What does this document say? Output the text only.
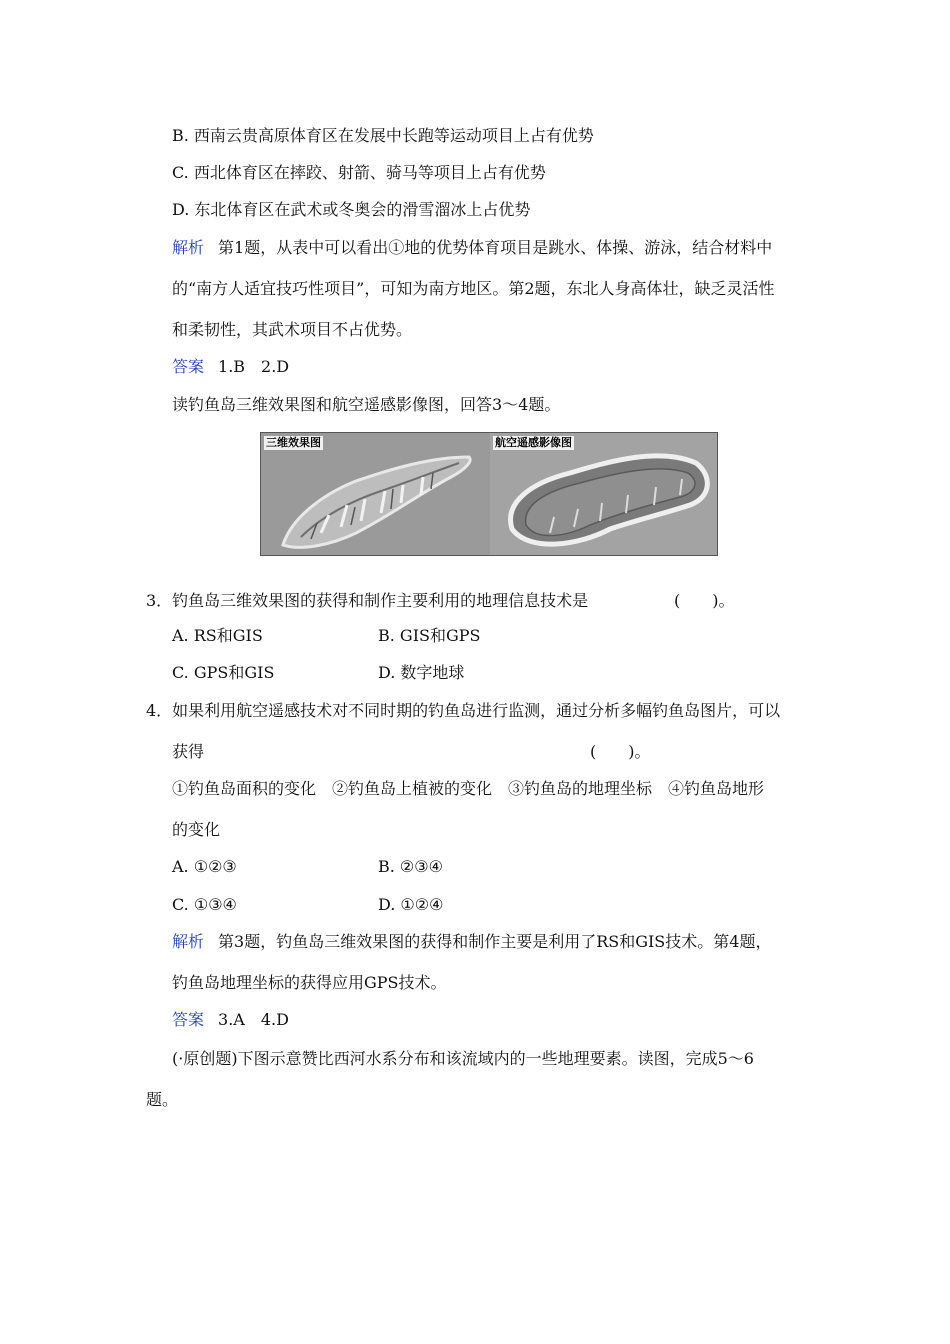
B. 西南云贵高原体育区在发展中长跑等运动项目上占有优势
C. 西北体育区在摔跤、射箭、骑马等项目上占有优势
D. 东北体育区在武术或冬奥会的滑雪溜冰上占优势
解析 第1题，从表中可以看出①地的优势体育项目是跳水、体操、游泳，结合材料中
的“南方人适宜技巧性项目”，可知为南方地区。第2题，东北人身高体壮，缺乏灵活性
和柔韧性，其武术项目不占优势。
答案 1.B　2.D
读钓鱼岛三维效果图和航空遥感影像图，回答3～4题。
三维效果图	航空遥感影像图
3．钓鱼岛三维效果图的获得和制作主要利用的地理信息技术是	(　　)。
A. RS和GIS	B. GIS和GPS
C. GPS和GIS	D. 数字地球
4．如果利用航空遥感技术对不同时期的钓鱼岛进行监测，通过分析多幅钓鱼岛图片，可以
获得	(　　)。
①钓鱼岛面积的变化　②钓鱼岛上植被的变化　③钓鱼岛的地理坐标　④钓鱼岛地形
的变化
A. ①②③	B. ②③④
C. ①③④	D. ①②④
解析 第3题，钓鱼岛三维效果图的获得和制作主要是利用了RS和GIS技术。第4题，
钓鱼岛地理坐标的获得应用GPS技术。
答案 3.A　4.D
(·原创题)下图示意赞比西河水系分布和该流域内的一些地理要素。读图，完成5～6
题。
